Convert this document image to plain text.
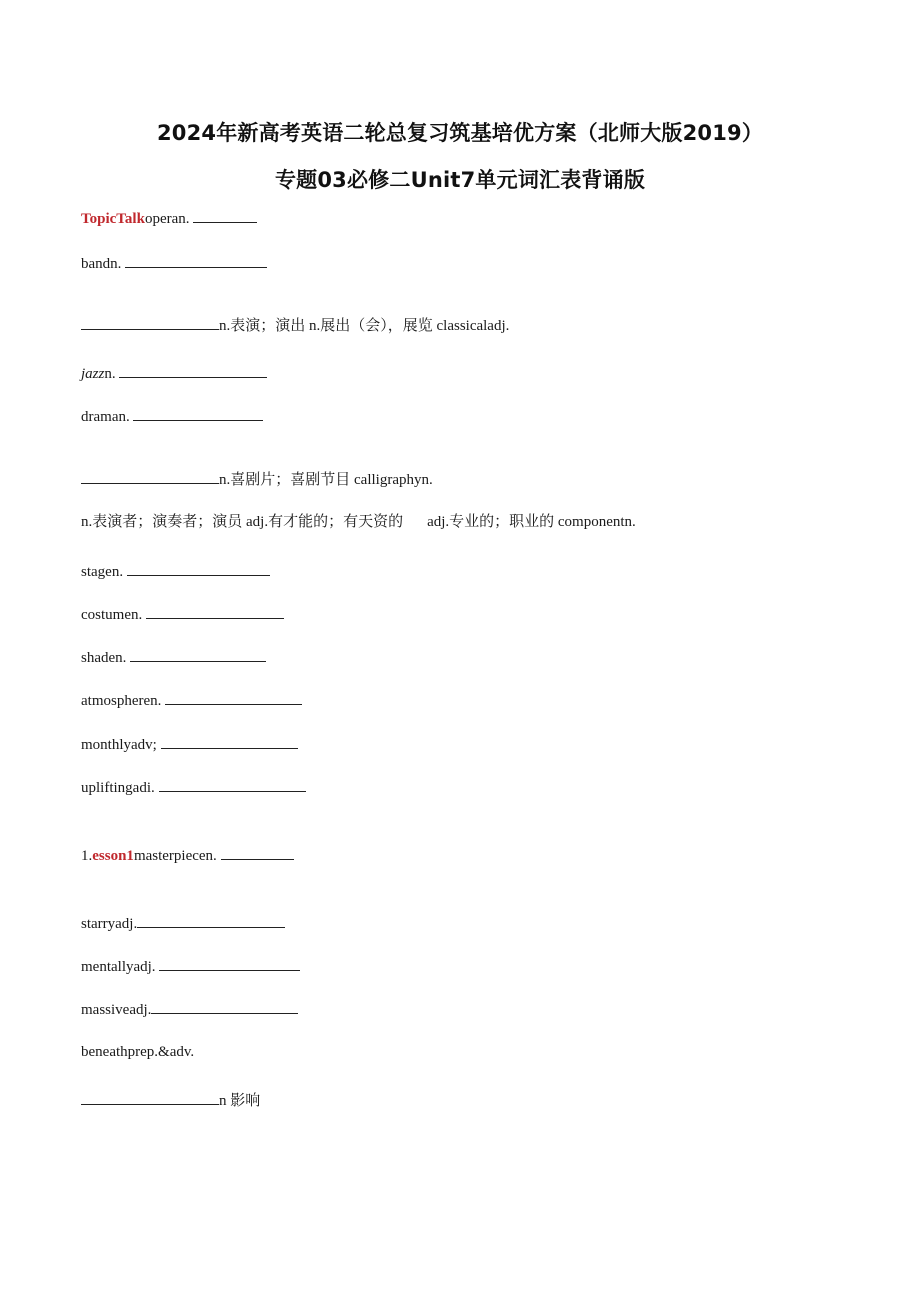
2024年新高考英语二轮总复习筑基培优方案（北师大版2019）
专题03必修二Unit7单元词汇表背诵版
TopicTalkoperan.
bandn.
n.表演；演出 n.展出（会），展览 classicaladj.
jazzn.
draman.
n.喜剧片；喜剧节目 calligraphyn.
n.表演者；演奏者；演员 adj.有才能的；有天资的 adj.专业的；职业的 componentn.
stagen.
costumen.
shaden.
atmospheren.
monthlyadv;
upliftingadi.
1.esson1masterpiecen.
starryadj.
mentallyadj.
massiveadj.
beneathprep.&adv.
n 影响
